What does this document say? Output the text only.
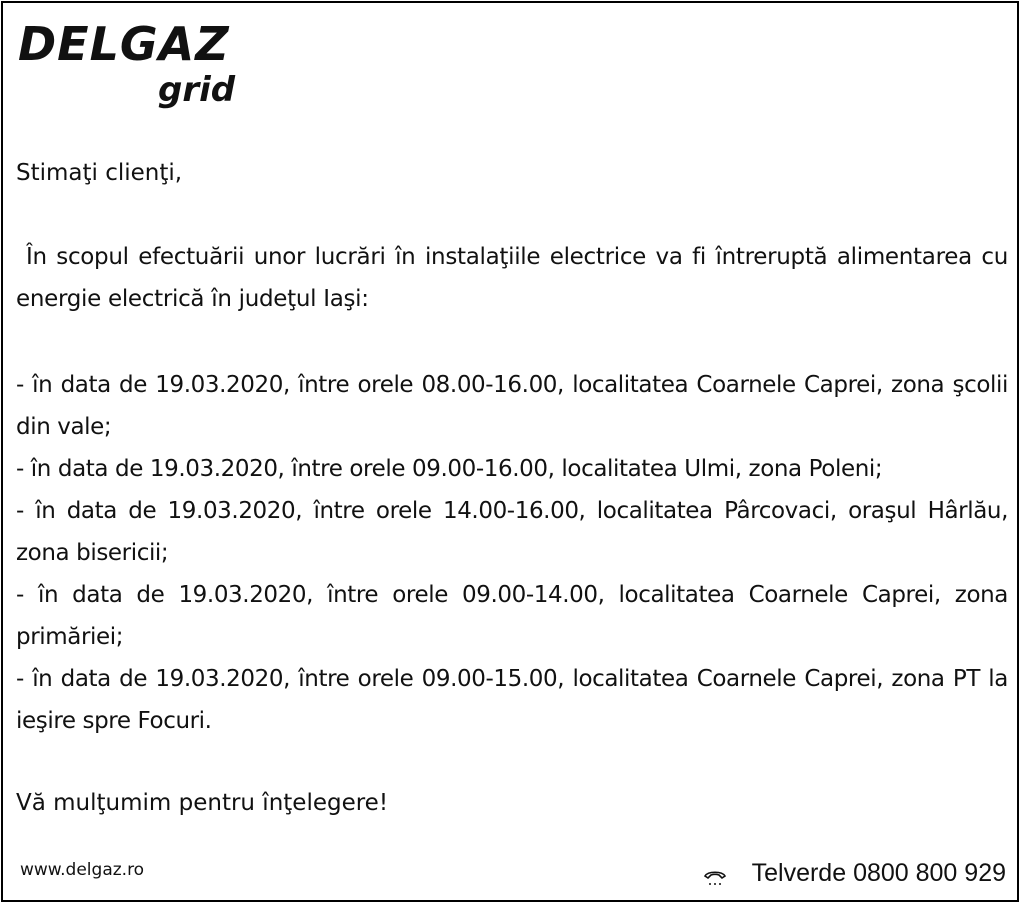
DELGAZ
grid

Stimaţi clienţi,

În scopul efectuării unor lucrări în instalaţiile electrice va fi întreruptă alimentarea cu energie electrică în judeţul Iaşi:

- în data de 19.03.2020, între orele 08.00-16.00, localitatea Coarnele Caprei, zona şcolii din vale;
- în data de 19.03.2020, între orele 09.00-16.00, localitatea Ulmi, zona Poleni;
- în data de 19.03.2020, între orele 14.00-16.00, localitatea Pârcovaci, oraşul Hârlău, zona bisericii;
- în data de 19.03.2020, între orele 09.00-14.00, localitatea Coarnele Caprei, zona primăriei;
- în data de 19.03.2020, între orele 09.00-15.00, localitatea Coarnele Caprei, zona PT la ieşire spre Focuri.

Vă mulţumim pentru înţelegere!

www.delgaz.ro	Telverde 0800 800 929
